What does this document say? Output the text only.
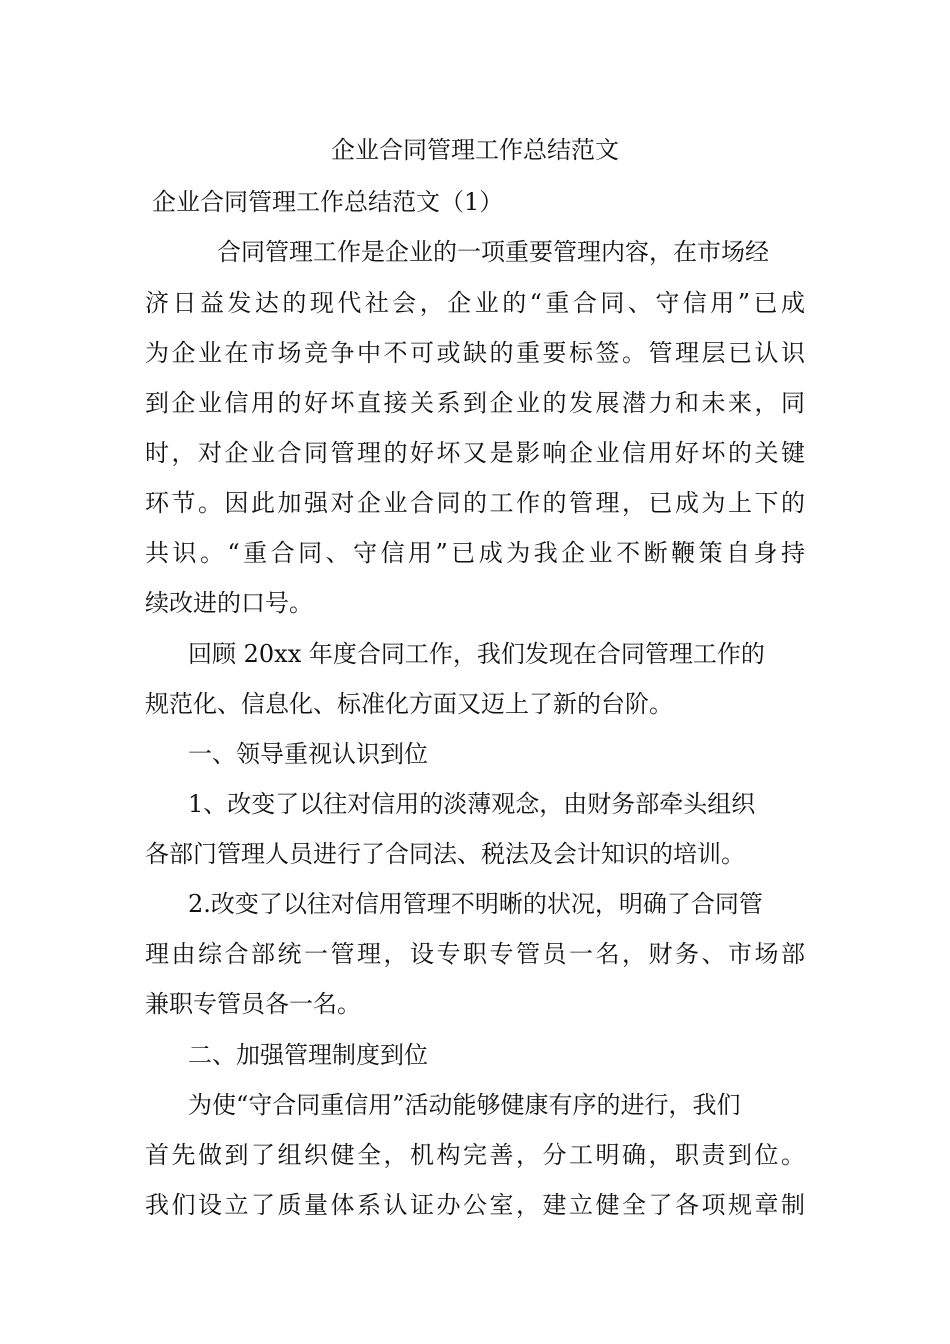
企业合同管理工作总结范文
企业合同管理工作总结范文（1）
合同管理工作是企业的一项重要管理内容，在市场经
济日益发达的现代社会，企业的“重合同、守信用”已成
为企业在市场竞争中不可或缺的重要标签。管理层已认识
到企业信用的好坏直接关系到企业的发展潜力和未来，同
时，对企业合同管理的好坏又是影响企业信用好坏的关键
环节。因此加强对企业合同的工作的管理，已成为上下的
共识。“重合同、守信用”已成为我企业不断鞭策自身持
续改进的口号。
回顾 20xx 年度合同工作，我们发现在合同管理工作的
规范化、信息化、标准化方面又迈上了新的台阶。
一、领导重视认识到位
1、改变了以往对信用的淡薄观念，由财务部牵头组织
各部门管理人员进行了合同法、税法及会计知识的培训。
2.改变了以往对信用管理不明晰的状况，明确了合同管
理由综合部统一管理，设专职专管员一名，财务、市场部
兼职专管员各一名。
二、加强管理制度到位
为使“守合同重信用”活动能够健康有序的进行，我们
首先做到了组织健全，机构完善，分工明确，职责到位。
我们设立了质量体系认证办公室，建立健全了各项规章制
